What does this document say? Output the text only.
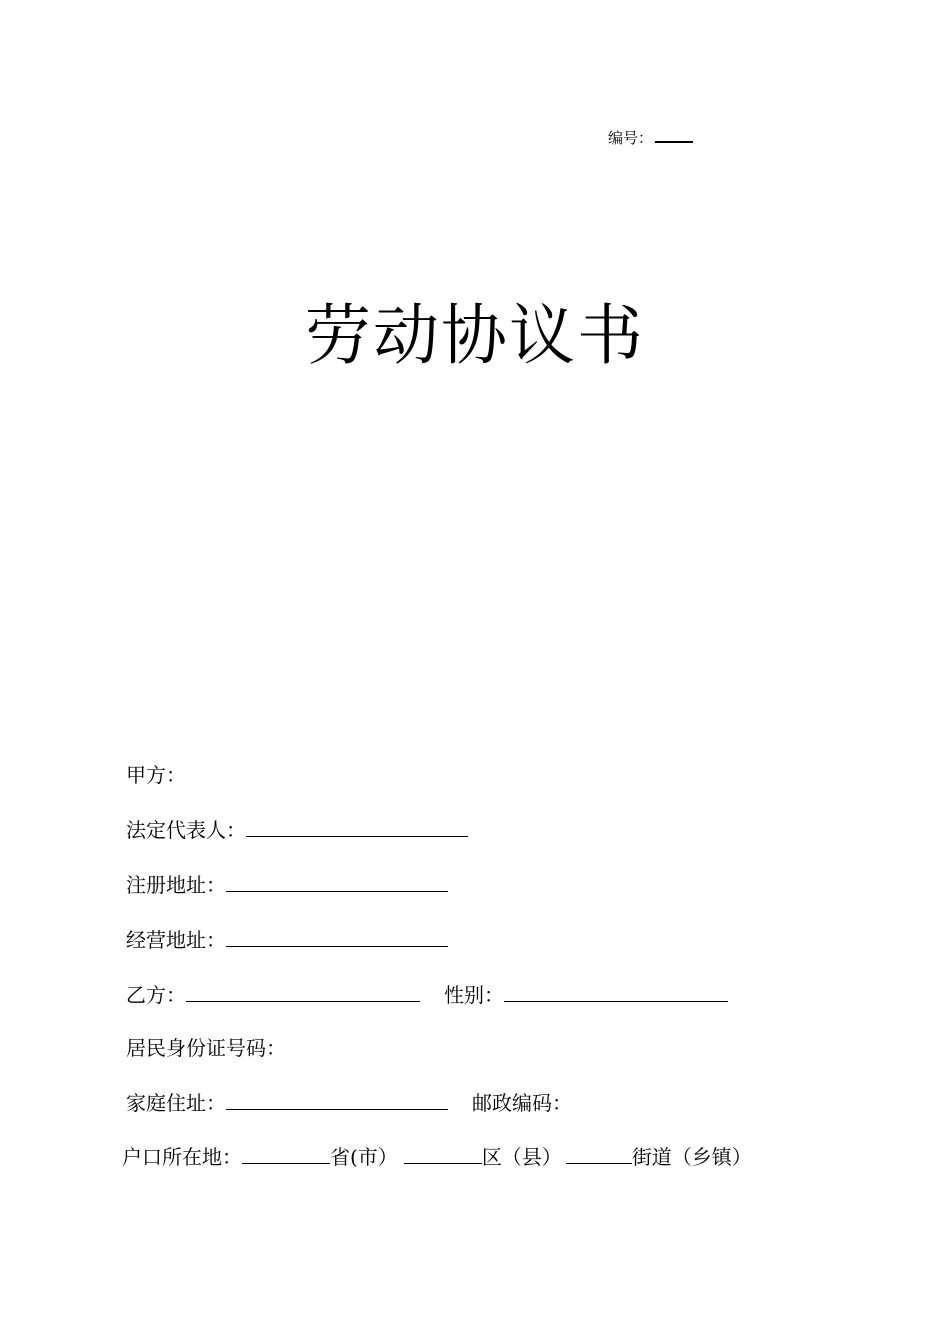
编号：
劳动协议书
甲方：
法定代表人：
注册地址：
经营地址：
乙方：	性别：
居民身份证号码：
家庭住址：	邮政编码：
户口所在地：	省(市）	区（县）	街道（乡镇）
